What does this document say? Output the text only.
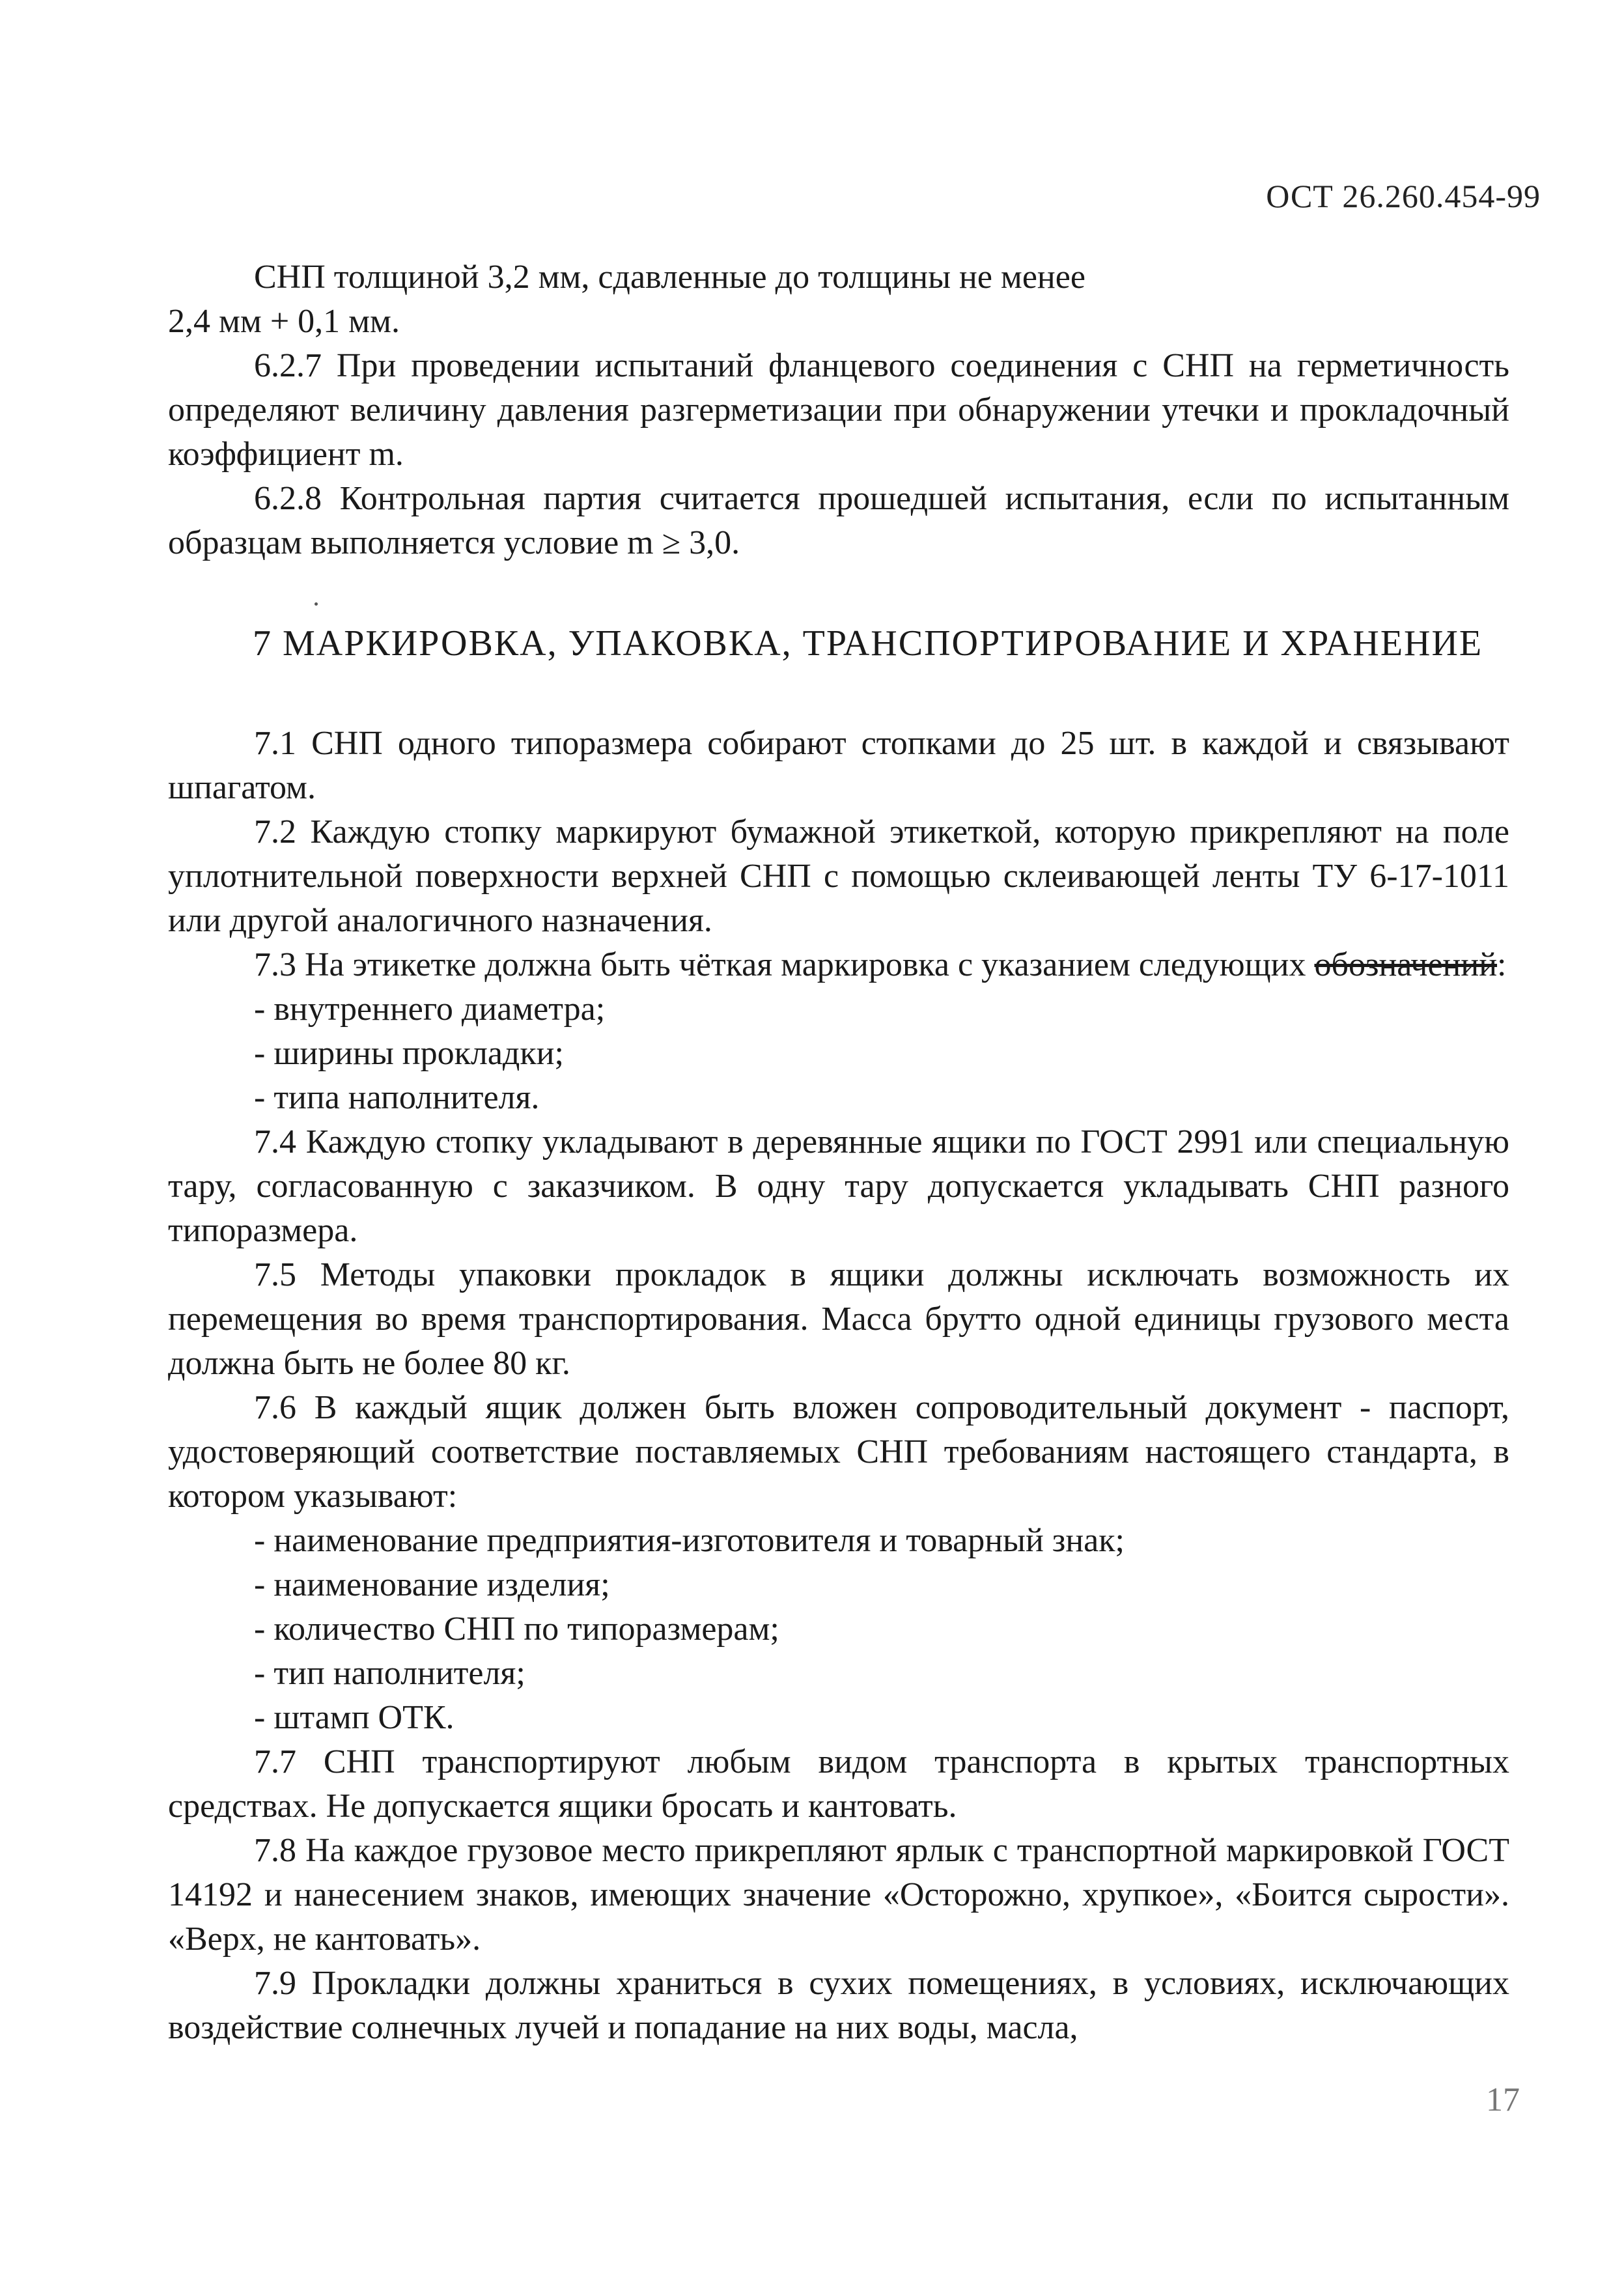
ОСТ 26.260.454-99

СНП толщиной 3,2 мм, сдавленные до толщины не менее

2,4 мм + 0,1 мм.

6.2.7 При проведении испытаний фланцевого соединения с СНП на герметичность определяют величину давления разгерметизации при обнаружении утечки и прокладочный коэффициент m.

6.2.8 Контрольная партия считается прошедшей испытания, если по испытанным образцам выполняется условие m ≥ 3,0.

7 МАРКИРОВКА, УПАКОВКА, ТРАНСПОРТИРОВАНИЕ И ХРАНЕНИЕ

7.1 СНП одного типоразмера собирают стопками до 25 шт. в каждой и связывают шпагатом.

7.2 Каждую стопку маркируют бумажной этикеткой, которую прикрепляют на поле уплотнительной поверхности верхней СНП с помощью склеивающей ленты ТУ 6-17-1011 или другой аналогичного назначения.

7.3 На этикетке должна быть чёткая маркировка с указанием следующих обозначений:

- внутреннего диаметра;
- ширины прокладки;
- типа наполнителя.

7.4 Каждую стопку укладывают в деревянные ящики по ГОСТ 2991 или специальную тару, согласованную с заказчиком. В одну тару допускается укладывать СНП разного типоразмера.

7.5 Методы упаковки прокладок в ящики должны исключать возможность их перемещения во время транспортирования. Масса брутто одной единицы грузового места должна быть не более 80 кг.

7.6 В каждый ящик должен быть вложен сопроводительный документ - паспорт, удостоверяющий соответствие поставляемых СНП требованиям настоящего стандарта, в котором указывают:

- наименование предприятия-изготовителя и товарный знак;
- наименование изделия;
- количество СНП по типоразмерам;
- тип наполнителя;
- штамп ОТК.

7.7 СНП транспортируют любым видом транспорта в крытых транспортных средствах. Не допускается ящики бросать и кантовать.

7.8 На каждое грузовое место прикрепляют ярлык с транспортной маркировкой ГОСТ 14192 и нанесением знаков, имеющих значение «Осторожно, хрупкое», «Боится сырости». «Верх, не кантовать».

7.9 Прокладки должны храниться в сухих помещениях, в условиях, исключающих воздействие солнечных лучей и попадание на них воды, масла,

17
